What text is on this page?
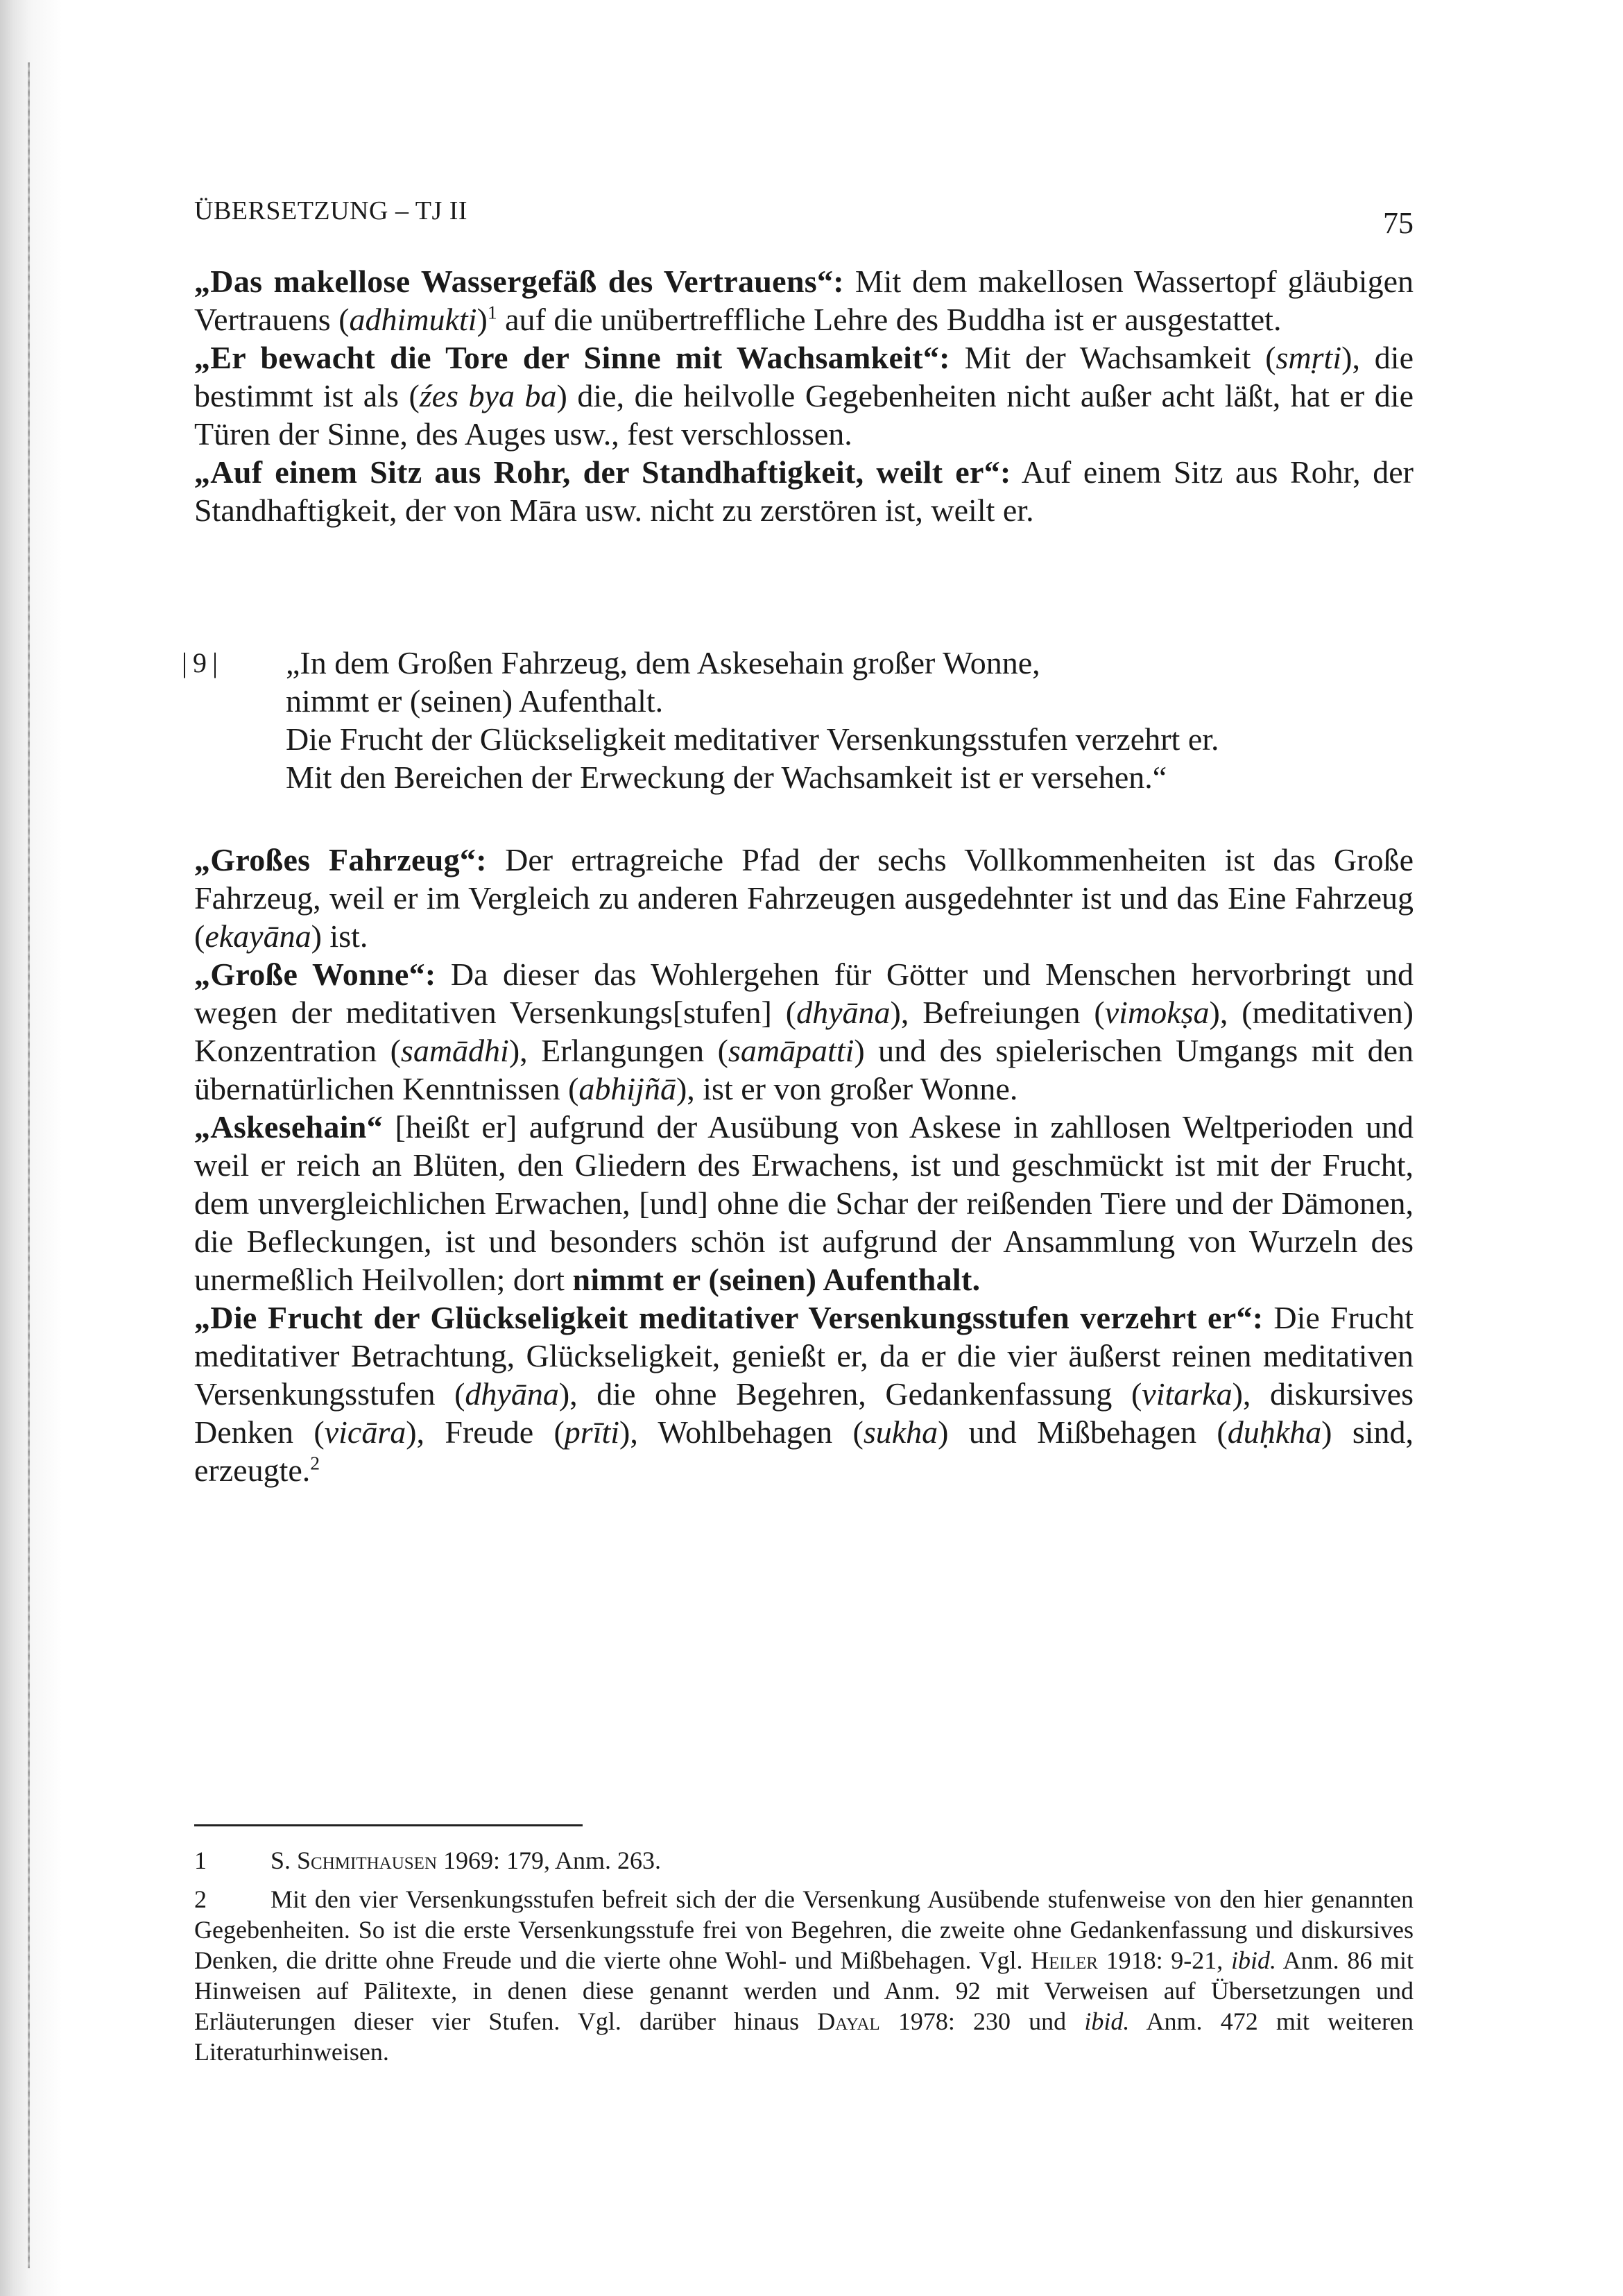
ÜBERSETZUNG – TJ II	75

„Das makellose Wassergefäß des Vertrauens“: Mit dem makellosen Wassertopf gläubigen Vertrauens (adhimukti)$^1$ auf die unübertreffliche Lehre des Buddha ist er ausgestattet.

„Er bewacht die Tore der Sinne mit Wachsamkeit“: Mit der Wachsamkeit (smṛti), die bestimmt ist als (źes bya ba) die, die heilvolle Gegebenheiten nicht außer acht läßt, hat er die Türen der Sinne, des Auges usw., fest verschlossen.

„Auf einem Sitz aus Rohr, der Standhaftigkeit, weilt er“: Auf einem Sitz aus Rohr, der Standhaftigkeit, der von Māra usw. nicht zu zerstören ist, weilt er.

|9| „In dem Großen Fahrzeug, dem Askesehain großer Wonne,
nimmt er (seinen) Aufenthalt.
Die Frucht der Glückseligkeit meditativer Versenkungsstufen verzehrt er.
Mit den Bereichen der Erweckung der Wachsamkeit ist er versehen.“

„Großes Fahrzeug“: Der ertragreiche Pfad der sechs Vollkommenheiten ist das Große Fahrzeug, weil er im Vergleich zu anderen Fahrzeugen ausgedehnter ist und das Eine Fahrzeug (ekayāna) ist.

„Große Wonne“: Da dieser das Wohlergehen für Götter und Menschen hervorbringt und wegen der meditativen Versenkungs[stufen] (dhyāna), Befreiungen (vimokṣa), (meditativen) Konzentration (samādhi), Erlangungen (samāpatti) und des spielerischen Umgangs mit den übernatürlichen Kenntnissen (abhijñā), ist er von großer Wonne.

„Askesehain“ [heißt er] aufgrund der Ausübung von Askese in zahllosen Weltperioden und weil er reich an Blüten, den Gliedern des Erwachens, ist und geschmückt ist mit der Frucht, dem unvergleichlichen Erwachen, [und] ohne die Schar der reißenden Tiere und der Dämonen, die Befleckungen, ist und besonders schön ist aufgrund der Ansammlung von Wurzeln des unermeßlich Heilvollen; dort nimmt er (seinen) Aufenthalt.

„Die Frucht der Glückseligkeit meditativer Versenkungsstufen verzehrt er“: Die Frucht meditativer Betrachtung, Glückseligkeit, genießt er, da er die vier äußerst reinen meditativen Versenkungsstufen (dhyāna), die ohne Begehren, Gedankenfassung (vitarka), diskursives Denken (vicāra), Freude (prīti), Wohlbehagen (sukha) und Mißbehagen (duḥkha) sind, erzeugte.$^2$

1	S. Schmithausen 1969: 179, Anm. 263.
2	Mit den vier Versenkungsstufen befreit sich der die Versenkung Ausübende stufenweise von den hier genannten Gegebenheiten. So ist die erste Versenkungsstufe frei von Begehren, die zweite ohne Gedankenfassung und diskursives Denken, die dritte ohne Freude und die vierte ohne Wohl- und Mißbehagen. Vgl. Heiler 1918: 9-21, ibid. Anm. 86 mit Hinweisen auf Pālitexte, in denen diese genannt werden und Anm. 92 mit Verweisen auf Übersetzungen und Erläuterungen dieser vier Stufen. Vgl. darüber hinaus Dayal 1978: 230 und ibid. Anm. 472 mit weiteren Literaturhinweisen.
